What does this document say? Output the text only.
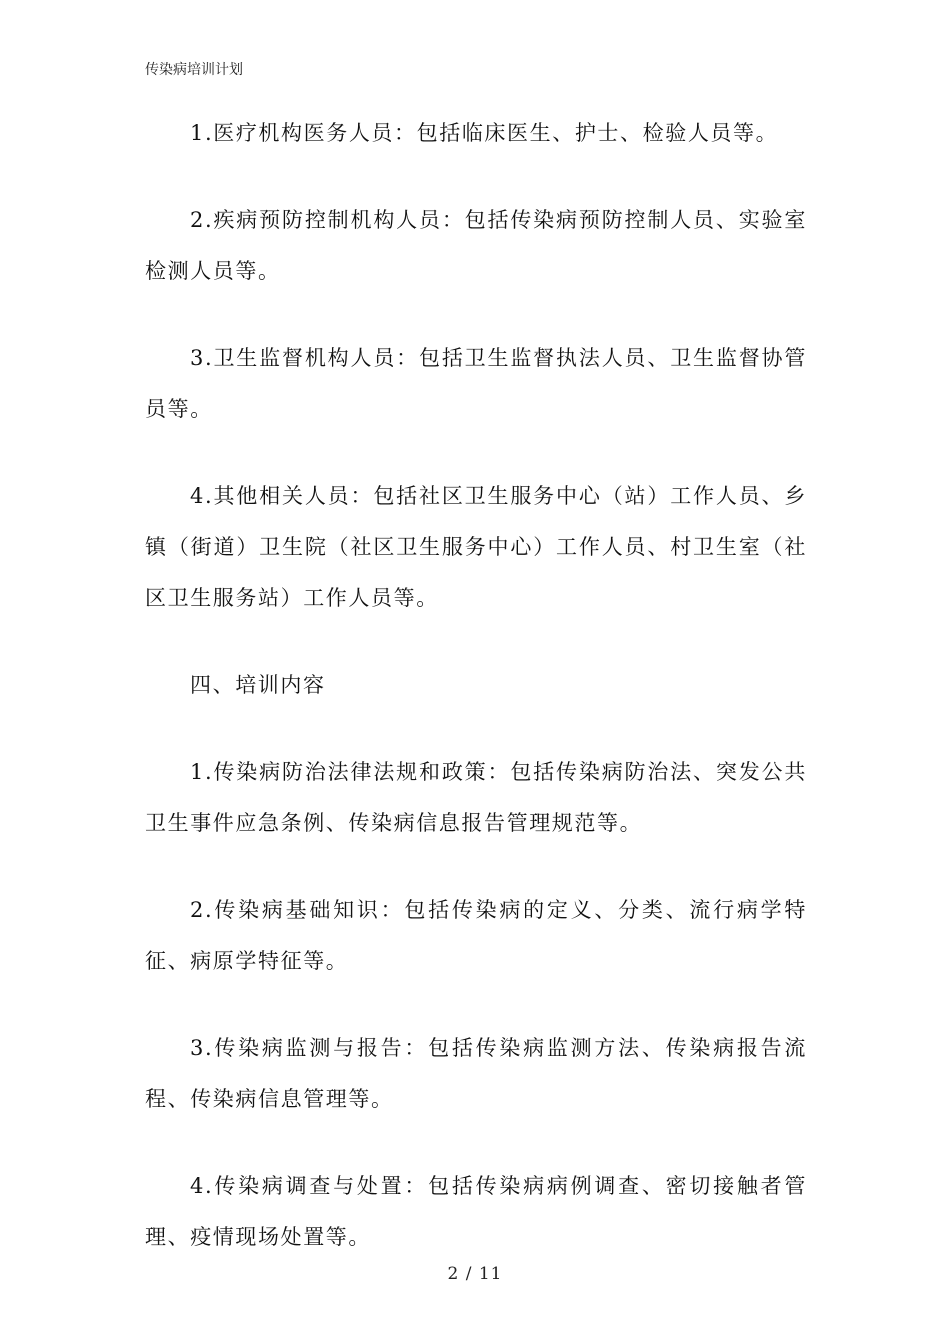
传染病培训计划

1.医疗机构医务人员：包括临床医生、护士、检验人员等。

2.疾病预防控制机构人员：包括传染病预防控制人员、实验室检测人员等。

3.卫生监督机构人员：包括卫生监督执法人员、卫生监督协管员等。

4.其他相关人员：包括社区卫生服务中心（站）工作人员、乡镇（街道）卫生院（社区卫生服务中心）工作人员、村卫生室（社区卫生服务站）工作人员等。

四、培训内容

1.传染病防治法律法规和政策：包括传染病防治法、突发公共卫生事件应急条例、传染病信息报告管理规范等。

2.传染病基础知识：包括传染病的定义、分类、流行病学特征、病原学特征等。

3.传染病监测与报告：包括传染病监测方法、传染病报告流程、传染病信息管理等。

4.传染病调查与处置：包括传染病病例调查、密切接触者管理、疫情现场处置等。

2 / 11
